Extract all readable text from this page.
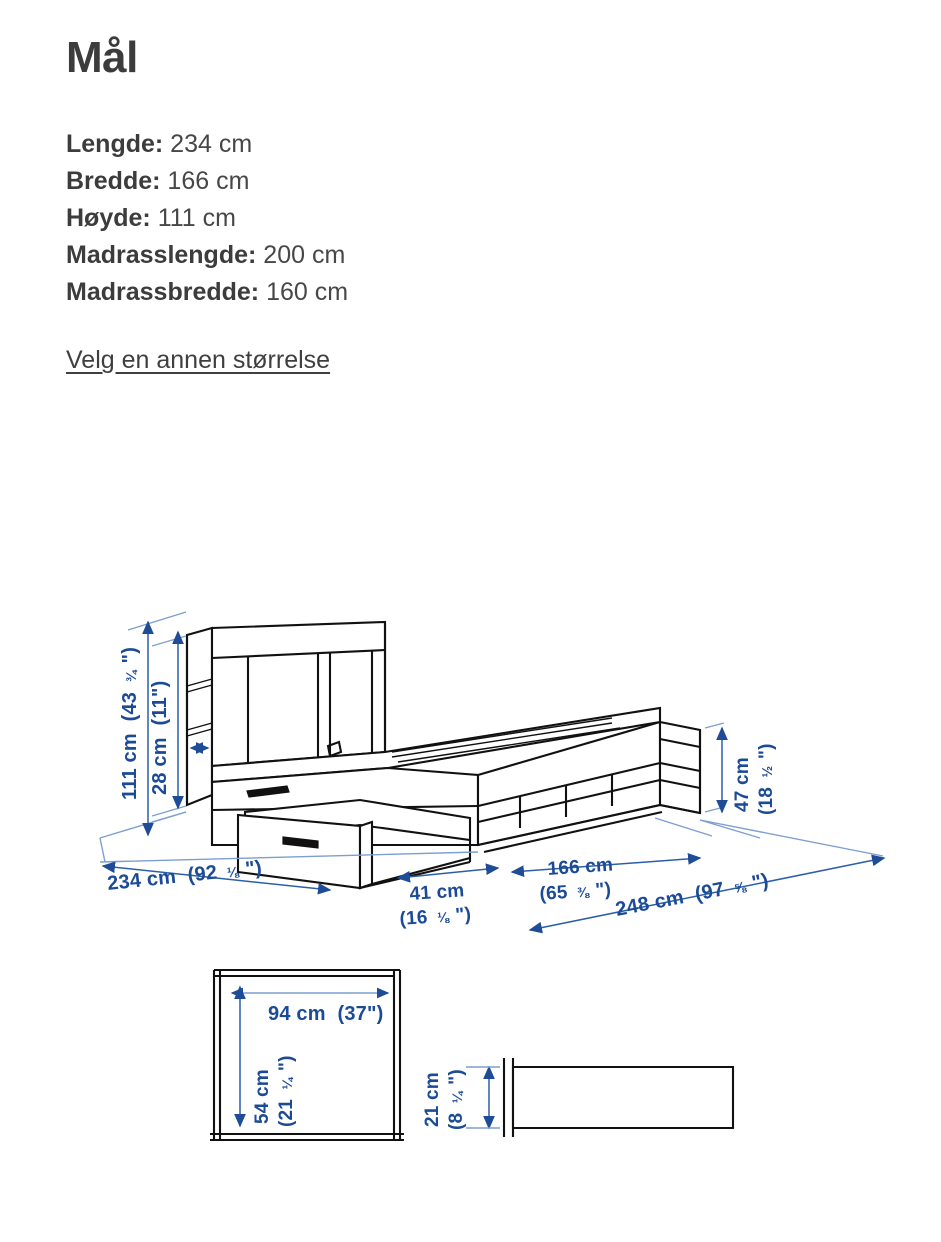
Mål
Lengde: 234 cm
Bredde: 166 cm
Høyde: 111 cm
Madrasslengde: 200 cm
Madrassbredde: 160 cm
Velg en annen størrelse
111 cm (43 ¾ ")
28 cm (11")
234 cm (92 ⅛ ")
41 cm
(16 ⅛ ")
166 cm
(65 ⅜ ") 248 cm (97 ⅝ ")
47 cm (18 ½ ")
94 cm (37")
54 cm (21 ¼ ")
21 cm (8 ¼ ")
